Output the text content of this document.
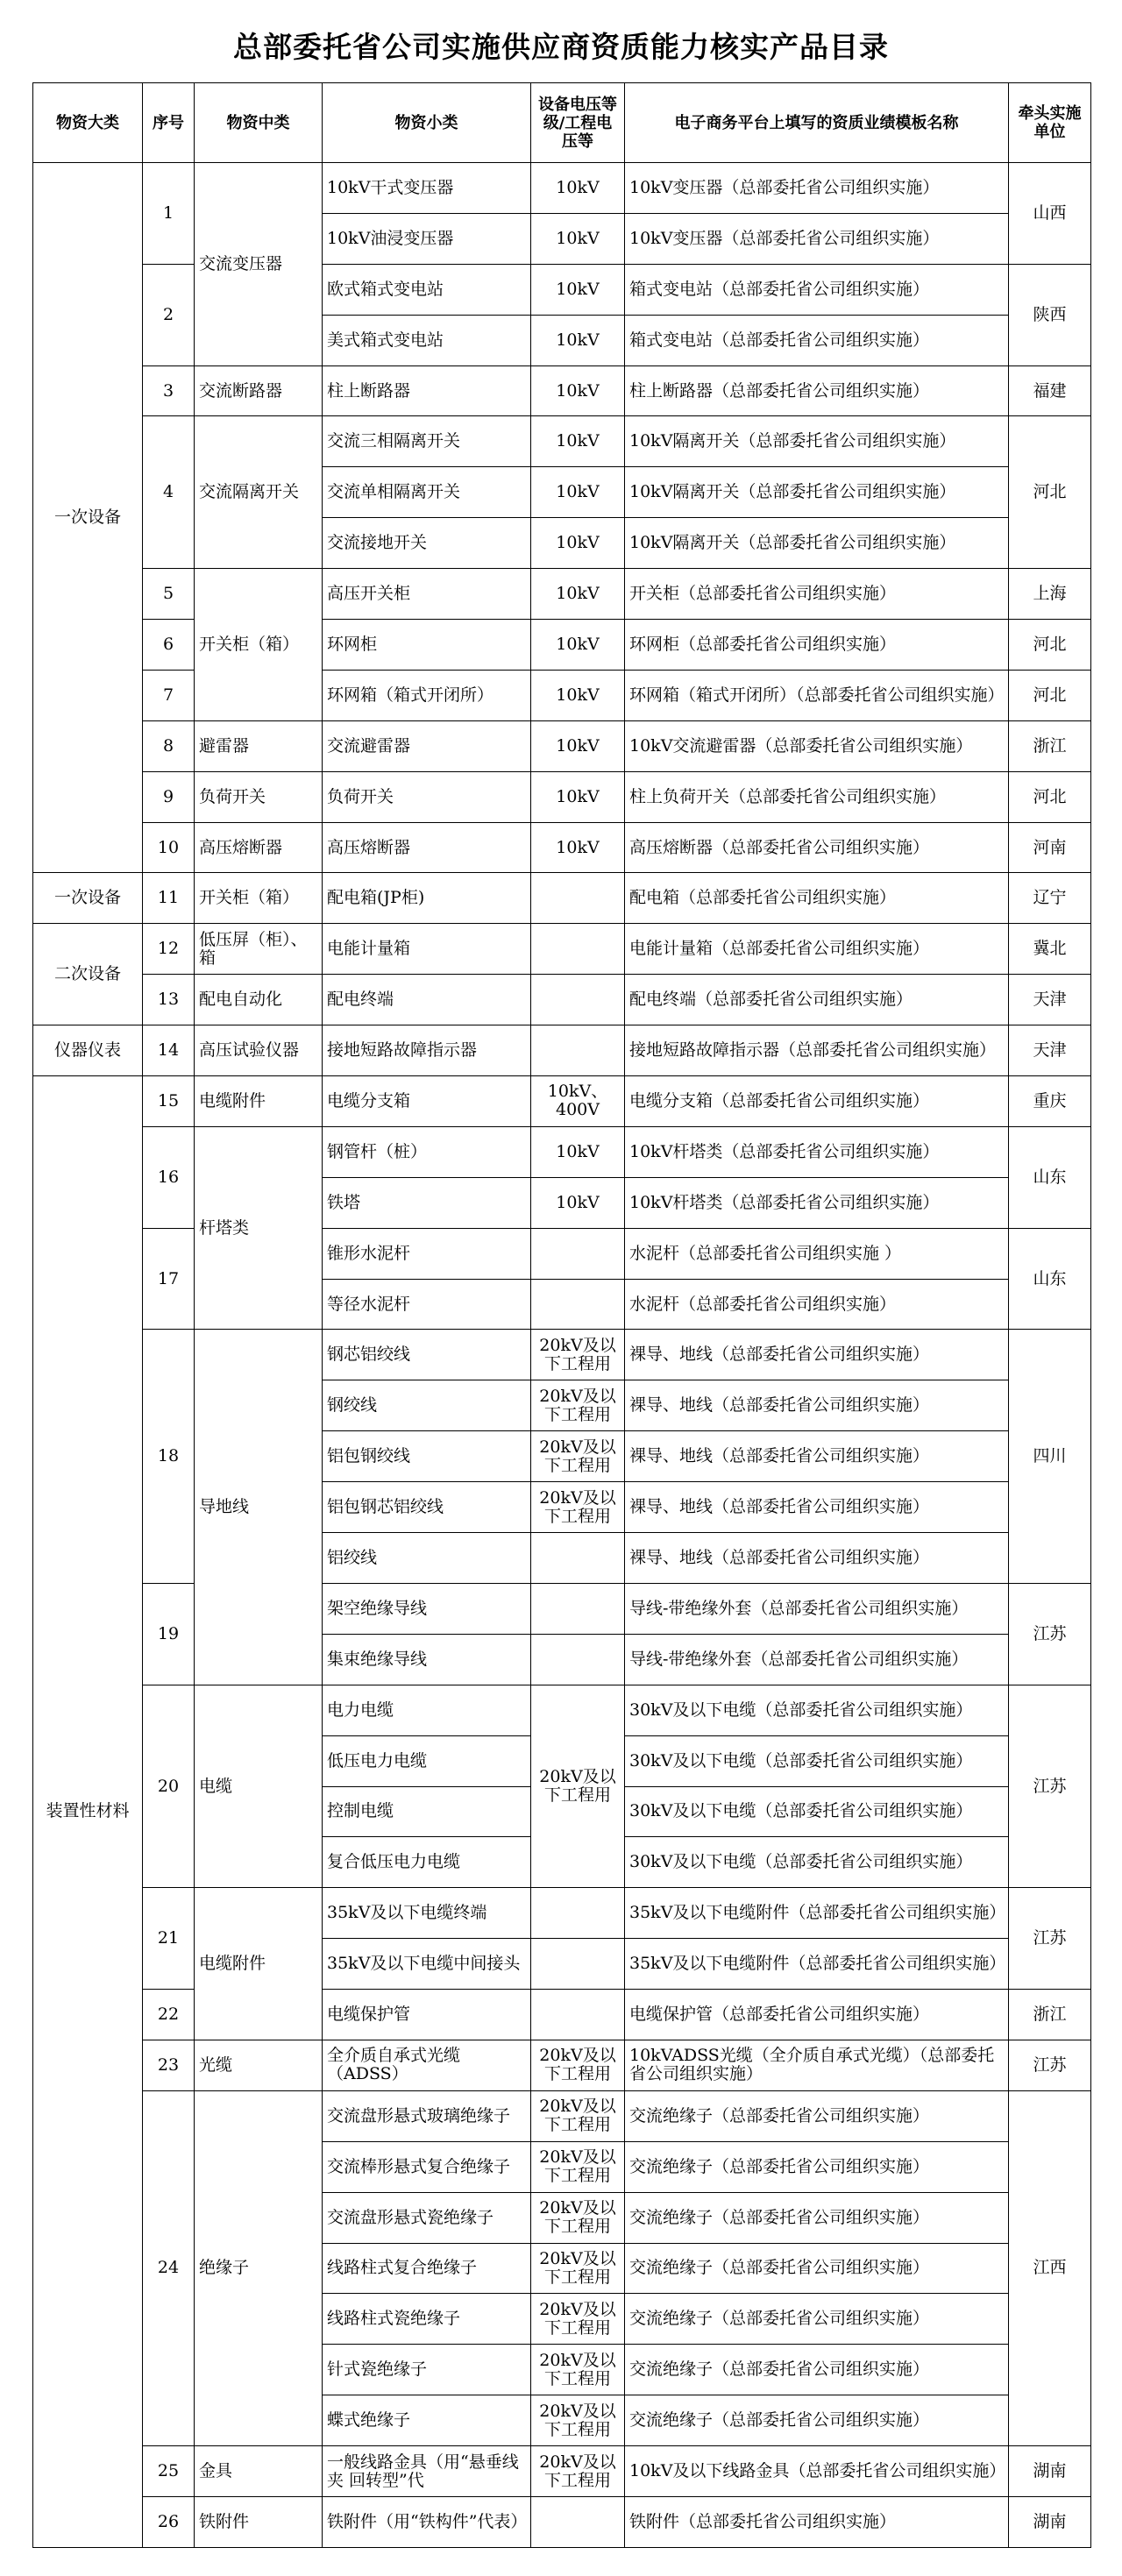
总部委托省公司实施供应商资质能力核实产品目录
物资大类	序号	物资中类	物资小类	设备电压等级/工程电压等	电子商务平台上填写的资质业绩模板名称	牵头实施单位
一次设备	1	交流变压器	10kV干式变压器	10kV	10kV变压器（总部委托省公司组织实施）	山西
			10kV油浸变压器	10kV	10kV变压器（总部委托省公司组织实施）	
	2		欧式箱式变电站	10kV	箱式变电站（总部委托省公司组织实施）	陕西
			美式箱式变电站	10kV	箱式变电站（总部委托省公司组织实施）	
	3	交流断路器	柱上断路器	10kV	柱上断路器（总部委托省公司组织实施）	福建
	4	交流隔离开关	交流三相隔离开关	10kV	10kV隔离开关（总部委托省公司组织实施）	河北
			交流单相隔离开关	10kV	10kV隔离开关（总部委托省公司组织实施）	
			交流接地开关	10kV	10kV隔离开关（总部委托省公司组织实施）	
	5	开关柜（箱）	高压开关柜	10kV	开关柜（总部委托省公司组织实施）	上海
	6		环网柜	10kV	环网柜（总部委托省公司组织实施）	河北
	7		环网箱（箱式开闭所）	10kV	环网箱（箱式开闭所）（总部委托省公司组织实施）	河北
	8	避雷器	交流避雷器	10kV	10kV交流避雷器（总部委托省公司组织实施）	浙江
	9	负荷开关	负荷开关	10kV	柱上负荷开关（总部委托省公司组织实施）	河北
	10	高压熔断器	高压熔断器	10kV	高压熔断器（总部委托省公司组织实施）	河南
一次设备	11	开关柜（箱）	配电箱(JP柜)		配电箱（总部委托省公司组织实施）	辽宁
二次设备	12	低压屏（柜）、箱	电能计量箱		电能计量箱（总部委托省公司组织实施）	冀北
	13	配电自动化	配电终端		配电终端（总部委托省公司组织实施）	天津
仪器仪表	14	高压试验仪器	接地短路故障指示器		接地短路故障指示器（总部委托省公司组织实施）	天津
装置性材料	15	电缆附件	电缆分支箱	10kV、400V	电缆分支箱（总部委托省公司组织实施）	重庆
	16	杆塔类	钢管杆（桩）	10kV	10kV杆塔类（总部委托省公司组织实施）	山东
			铁塔	10kV	10kV杆塔类（总部委托省公司组织实施）	
	17		锥形水泥杆		水泥杆（总部委托省公司组织实施 ）	山东
			等径水泥杆		水泥杆（总部委托省公司组织实施）	
	18	导地线	钢芯铝绞线	20kV及以下工程用	裸导、地线（总部委托省公司组织实施）	四川
			钢绞线	20kV及以下工程用	裸导、地线（总部委托省公司组织实施）	
			铝包钢绞线	20kV及以下工程用	裸导、地线（总部委托省公司组织实施）	
			铝包钢芯铝绞线	20kV及以下工程用	裸导、地线（总部委托省公司组织实施）	
			铝绞线		裸导、地线（总部委托省公司组织实施）	
	19		架空绝缘导线		导线-带绝缘外套（总部委托省公司组织实施）	江苏
			集束绝缘导线		导线-带绝缘外套（总部委托省公司组织实施）	
	20	电缆	电力电缆	20kV及以下工程用	30kV及以下电缆（总部委托省公司组织实施）	江苏
			低压电力电缆		30kV及以下电缆（总部委托省公司组织实施）	
			控制电缆		30kV及以下电缆（总部委托省公司组织实施）	
			复合低压电力电缆		30kV及以下电缆（总部委托省公司组织实施）	
	21	电缆附件	35kV及以下电缆终端		35kV及以下电缆附件（总部委托省公司组织实施）	江苏
			35kV及以下电缆中间接头		35kV及以下电缆附件（总部委托省公司组织实施）	
	22		电缆保护管		电缆保护管（总部委托省公司组织实施）	浙江
	23	光缆	全介质自承式光缆（ADSS）	20kV及以下工程用	10kVADSS光缆（全介质自承式光缆）（总部委托省公司组织实施）	江苏
	24	绝缘子	交流盘形悬式玻璃绝缘子	20kV及以下工程用	交流绝缘子（总部委托省公司组织实施）	江西
			交流棒形悬式复合绝缘子	20kV及以下工程用	交流绝缘子（总部委托省公司组织实施）	
			交流盘形悬式瓷绝缘子	20kV及以下工程用	交流绝缘子（总部委托省公司组织实施）	
			线路柱式复合绝缘子	20kV及以下工程用	交流绝缘子（总部委托省公司组织实施）	
			线路柱式瓷绝缘子	20kV及以下工程用	交流绝缘子（总部委托省公司组织实施）	
			针式瓷绝缘子	20kV及以下工程用	交流绝缘子（总部委托省公司组织实施）	
			蝶式绝缘子	20kV及以下工程用	交流绝缘子（总部委托省公司组织实施）	
	25	金具	一般线路金具（用“悬垂线夹 回转型”代	20kV及以下工程用	10kV及以下线路金具（总部委托省公司组织实施）	湖南
	26	铁附件	铁附件（用“铁构件”代表）		铁附件（总部委托省公司组织实施）	湖南
